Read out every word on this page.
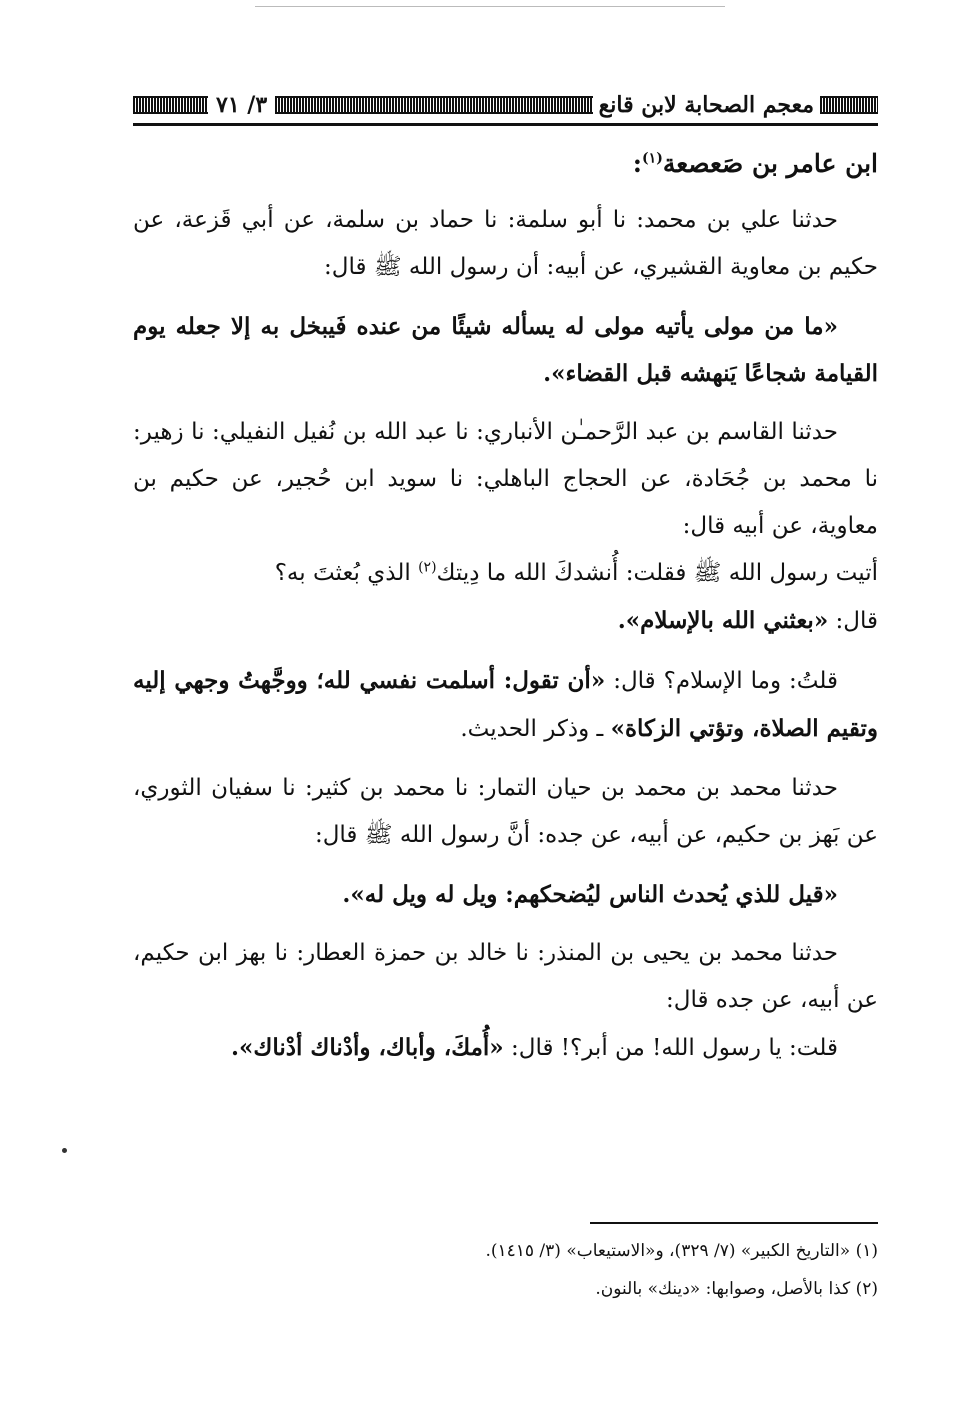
معجم الصحابة لابن قانع
٣/ ٧١

ابن عامر بن صَعصعة$^{(١)}$:

حدثنا علي بن محمد: نا أبو سلمة: نا حماد بن سلمة، عن أبي قَزعة، عن حكيم بن معاوية القشيري، عن أبيه: أن رسول الله ﷺ قال:

«ما من مولى يأتيه مولى له يسأله شيئًا من عنده فَيبخل به إلا جعله يوم القيامة شجاعًا يَنهشه قبل القضاء».

حدثنا القاسم بن عبد الرَّحمـٰن الأنباري: نا عبد الله بن نُفيل النفيلي: نا زهير: نا محمد بن جُحَادة، عن الحجاج الباهلي: نا سويد ابن حُجير، عن حكيم بن معاوية، عن أبيه قال:

أتيت رسول الله ﷺ فقلت: أُنشدكَ الله ما دِيتك$^{(٢)}$ الذي بُعثتَ به؟

قال: «بعثني الله بالإسلام».

قلتُ: وما الإسلام؟ قال: «أن تقول: أسلمت نفسي لله؛ ووجَّهتُ وجهي إليه وتقيم الصلاة، وتؤتي الزكاة» ـ وذكر الحديث.

حدثنا محمد بن محمد بن حيان التمار: نا محمد بن كثير: نا سفيان الثوري، عن بَهز بن حكيم، عن أبيه، عن جده: أنَّ رسول الله ﷺ قال:

«قيل للذي يُحدث الناس ليُضحكهم: ويل له ويل له».

حدثنا محمد بن يحيى بن المنذر: نا خالد بن حمزة العطار: نا بهز ابن حكيم، عن أبيه، عن جده قال:

قلت: يا رسول الله! من أبر؟! قال: «أُمكَ، وأباك، وأدْناك أدْناك».

(١) «التاريخ الكبير» (٧/ ٣٢٩)، و«الاستيعاب» (٣/ ١٤١٥).
(٢) كذا بالأصل، وصوابها: «دينك» بالنون.
